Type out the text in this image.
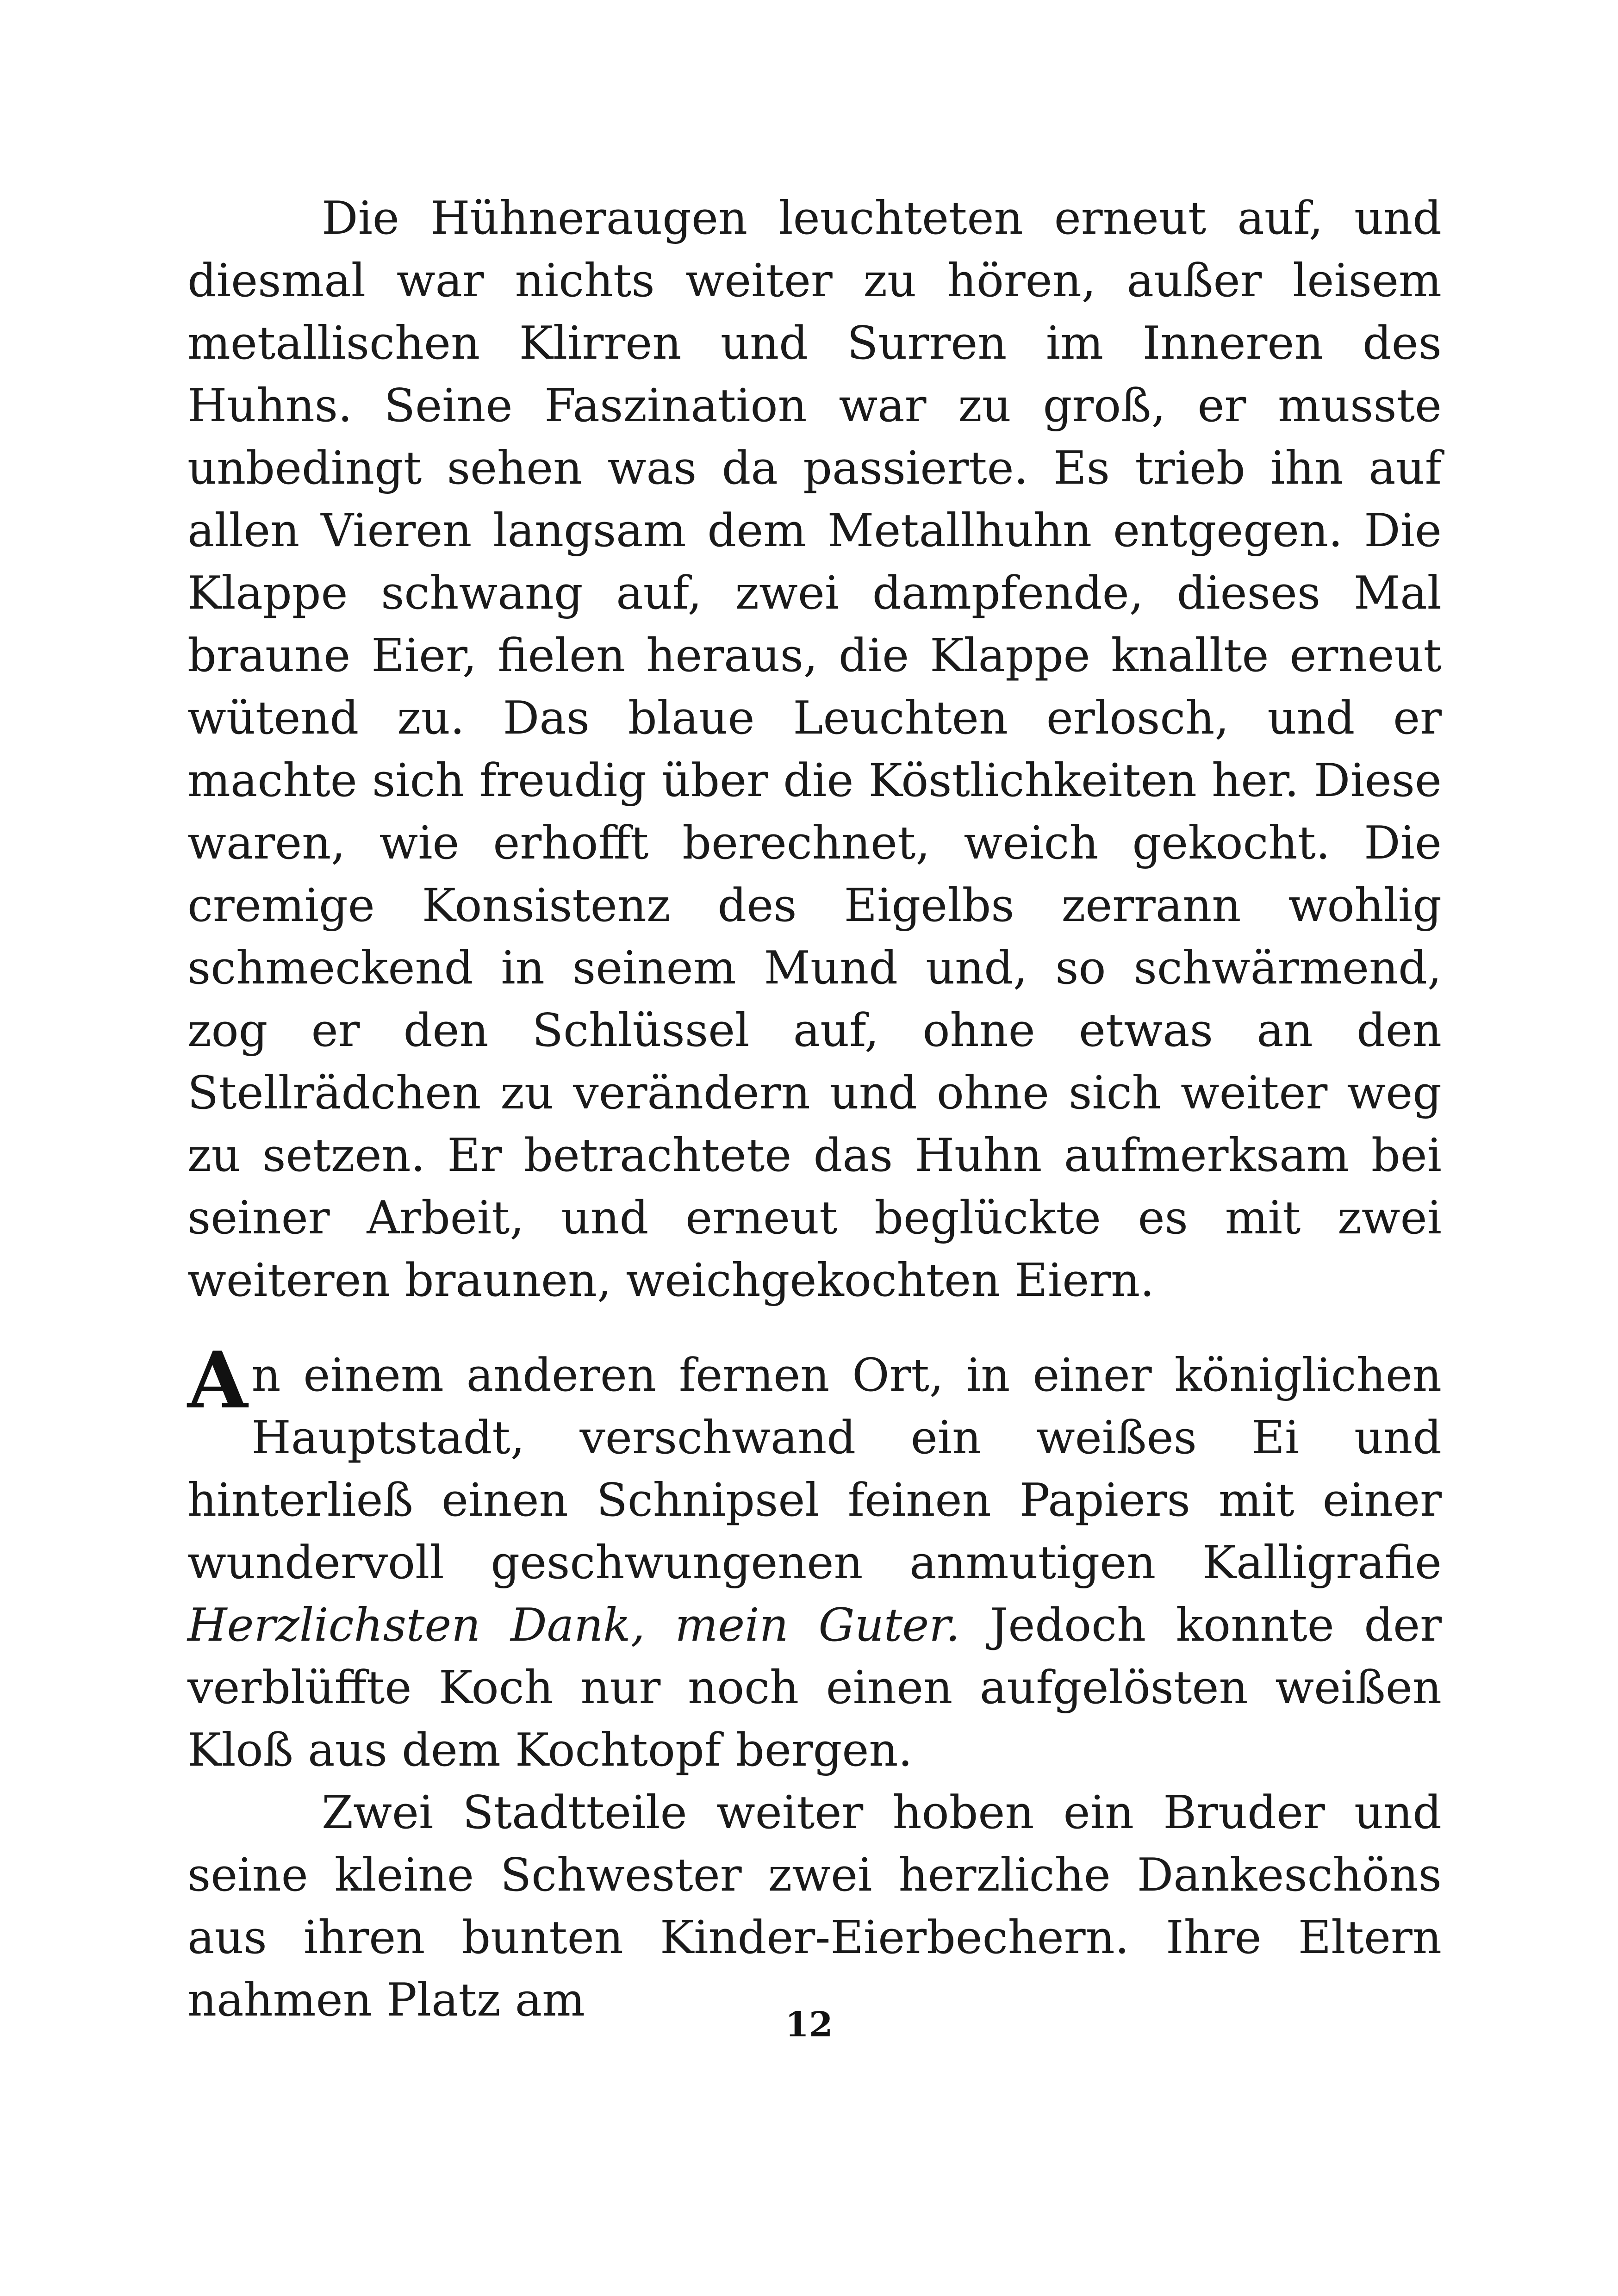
Die Hühneraugen leuchteten erneut auf, und diesmal war nichts weiter zu hören, außer leisem metallischen Klirren und Surren im Inneren des Huhns. Seine Faszination war zu groß, er musste unbedingt sehen was da passierte. Es trieb ihn auf allen Vieren langsam dem Metallhuhn entgegen. Die Klappe schwang auf, zwei dampfende, dieses Mal braune Eier, fielen heraus, die Klappe knallte erneut wütend zu. Das blaue Leuchten erlosch, und er machte sich freudig über die Köstlichkeiten her. Diese waren, wie erhofft berechnet, weich gekocht. Die cremige Konsistenz des Eigelbs zerrann wohlig schmeckend in seinem Mund und, so schwärmend, zog er den Schlüssel auf, ohne etwas an den Stellrädchen zu verändern und ohne sich weiter weg zu setzen. Er betrachtete das Huhn aufmerksam bei seiner Arbeit, und erneut beglückte es mit zwei weiteren braunen, weichgekochten Eiern.

An einem anderen fernen Ort, in einer königlichen Hauptstadt, verschwand ein weißes Ei und hinterließ einen Schnipsel feinen Papiers mit einer wundervoll geschwungenen anmutigen Kalligrafie Herzlichsten Dank, mein Guter. Jedoch konnte der verblüffte Koch nur noch einen aufgelösten weißen Kloß aus dem Kochtopf bergen.

Zwei Stadtteile weiter hoben ein Bruder und seine kleine Schwester zwei herzliche Dankeschöns aus ihren bunten Kinder-Eierbechern. Ihre Eltern nahmen Platz am	12
